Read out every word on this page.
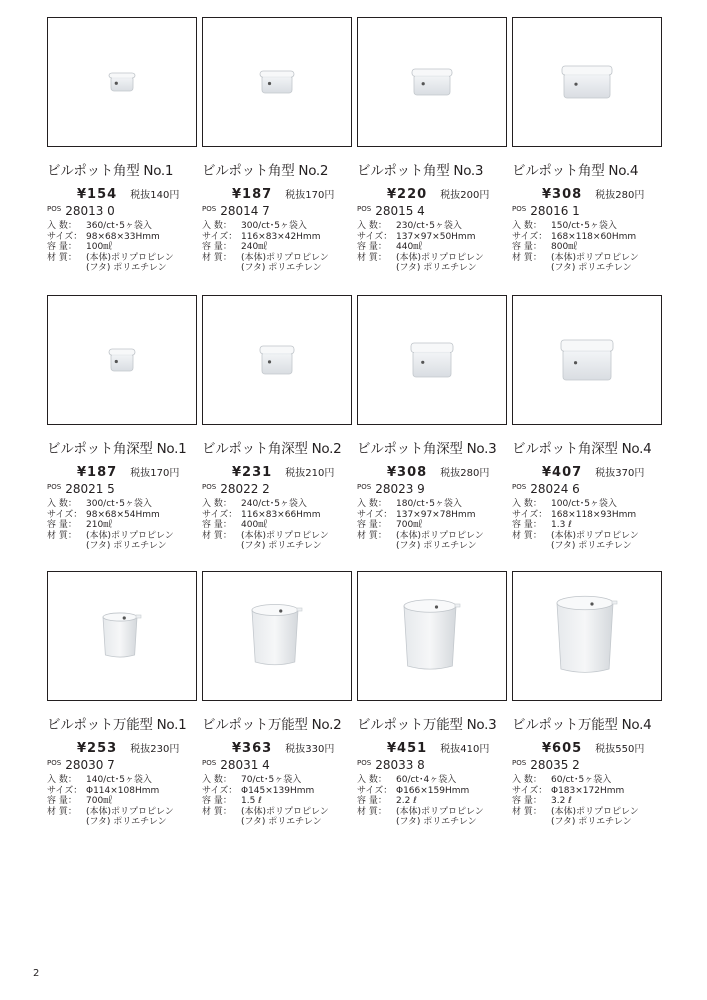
ビルポット角型 No.1
¥154 税抜140円
$^{POS}$ 28013 0
入 数：	360/ct･5ヶ袋入
サイズ： 98×68×33Hmm
容 量：	100㎖
材 質：	(本体)ポリプロピレン
(フタ) ポリエチレン
ビルポット角型 No.2
¥187 税抜170円
$^{POS}$ 28014 7
入 数：	300/ct･5ヶ袋入
サイズ： 116×83×42Hmm
容 量：	240㎖
材 質：	(本体)ポリプロピレン
(フタ) ポリエチレン
ビルポット角型 No.3
¥220 税抜200円
$^{POS}$ 28015 4
入 数：	230/ct･5ヶ袋入
サイズ： 137×97×50Hmm
容 量：	440㎖
材 質：	(本体)ポリプロピレン
(フタ) ポリエチレン
ビルポット角型 No.4
¥308 税抜280円
$^{POS}$ 28016 1
入 数：	150/ct･5ヶ袋入
サイズ： 168×118×60Hmm
容 量：	800㎖
材 質：	(本体)ポリプロピレン
(フタ) ポリエチレン
ビルポット角深型 No.1
¥187 税抜170円
$^{POS}$ 28021 5
入 数：	300/ct･5ヶ袋入
サイズ： 98×68×54Hmm
容 量：	210㎖
材 質：	(本体)ポリプロピレン
(フタ) ポリエチレン
ビルポット角深型 No.2
¥231 税抜210円
$^{POS}$ 28022 2
入 数：	240/ct･5ヶ袋入
サイズ： 116×83×66Hmm
容 量：	400㎖
材 質：	(本体)ポリプロピレン
(フタ) ポリエチレン
ビルポット角深型 No.3
¥308 税抜280円
$^{POS}$ 28023 9
入 数：	180/ct･5ヶ袋入
サイズ： 137×97×78Hmm
容 量：	700㎖
材 質：	(本体)ポリプロピレン
(フタ) ポリエチレン
ビルポット角深型 No.4
¥407 税抜370円
$^{POS}$ 28024 6
入 数：	100/ct･5ヶ袋入
サイズ： 168×118×93Hmm
容 量：	1.3 ℓ
材 質：	(本体)ポリプロピレン
(フタ) ポリエチレン
ビルポット万能型 No.1
¥253 税抜230円
$^{POS}$ 28030 7
入 数：	140/ct･5ヶ袋入
サイズ： Φ114×108Hmm
容 量：	700㎖
材 質：	(本体)ポリプロピレン
(フタ) ポリエチレン
ビルポット万能型 No.2
¥363 税抜330円
$^{POS}$ 28031 4
入 数：	70/ct･5ヶ袋入
サイズ： Φ145×139Hmm
容 量：	1.5 ℓ
材 質：	(本体)ポリプロピレン
(フタ) ポリエチレン
ビルポット万能型 No.3
¥451 税抜410円
$^{POS}$ 28033 8
入 数：	60/ct･4ヶ袋入
サイズ： Φ166×159Hmm
容 量：	2.2 ℓ
材 質：	(本体)ポリプロピレン
(フタ) ポリエチレン
ビルポット万能型 No.4
¥605 税抜550円
$^{POS}$ 28035 2
入 数：	60/ct･5ヶ袋入
サイズ： Φ183×172Hmm
容 量：	3.2 ℓ
材 質：	(本体)ポリプロピレン
(フタ) ポリエチレン
2
